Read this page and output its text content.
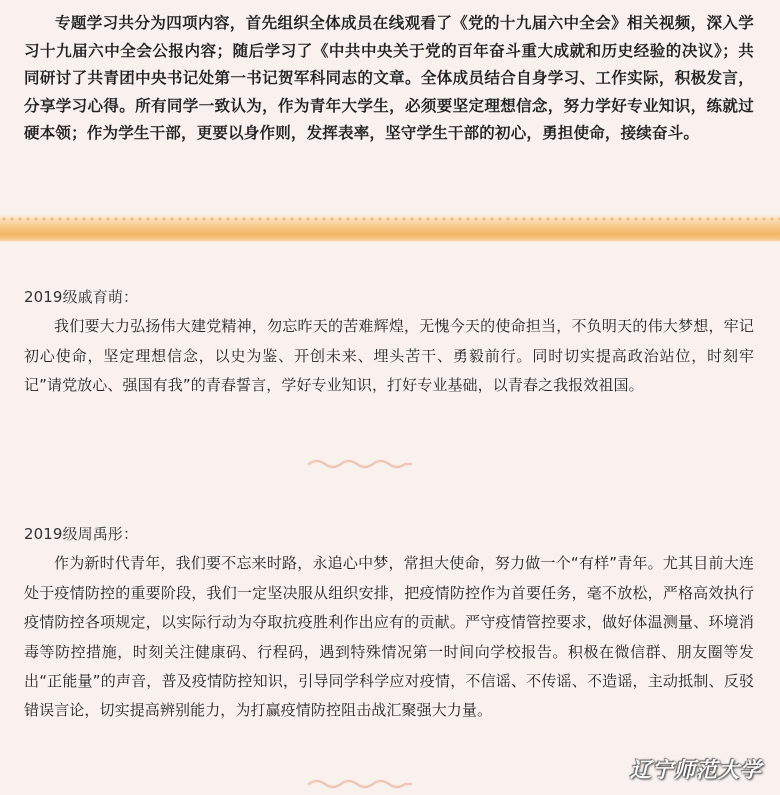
专题学习共分为四项内容，首先组织全体成员在线观看了《党的十九届六中全会》相关视频，深入学习十九届六中全会公报内容；随后学习了《中共中央关于党的百年奋斗重大成就和历史经验的决议》；共同研讨了共青团中央书记处第一书记贺军科同志的文章。全体成员结合自身学习、工作实际，积极发言，分享学习心得。所有同学一致认为，作为青年大学生，必须要坚定理想信念，努力学好专业知识，练就过硬本领；作为学生干部，更要以身作则，发挥表率，坚守学生干部的初心，勇担使命，接续奋斗。

2019级戚育萌：

我们要大力弘扬伟大建党精神，勿忘昨天的苦难辉煌，无愧今天的使命担当，不负明天的伟大梦想，牢记初心使命，坚定理想信念，以史为鉴、开创未来、埋头苦干、勇毅前行。同时切实提高政治站位，时刻牢记”请党放心、强国有我”的青春誓言，学好专业知识，打好专业基础，以青春之我报效祖国。

2019级周禹彤：

作为新时代青年，我们要不忘来时路，永追心中梦，常担大使命，努力做一个“有样”青年。尤其目前大连处于疫情防控的重要阶段，我们一定坚决服从组织安排，把疫情防控作为首要任务，毫不放松，严格高效执行疫情防控各项规定，以实际行动为夺取抗疫胜利作出应有的贡献。严守疫情管控要求，做好体温测量、环境消毒等防控措施，时刻关注健康码、行程码，遇到特殊情况第一时间向学校报告。积极在微信群、朋友圈等发出“正能量”的声音，普及疫情防控知识，引导同学科学应对疫情，不信谣、不传谣、不造谣，主动抵制、反驳错误言论，切实提高辨别能力，为打赢疫情防控阻击战汇聚强大力量。

辽宁师范大学
